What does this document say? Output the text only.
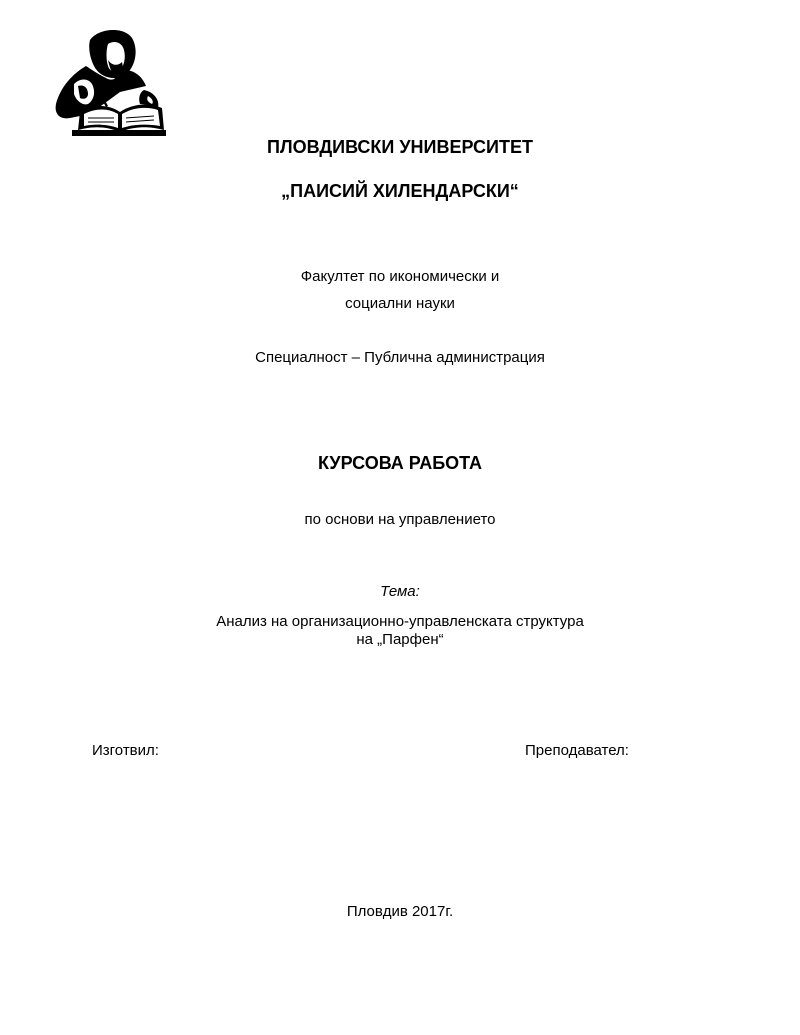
ПЛОВДИВСКИ УНИВЕРСИТЕТ
„ПАИСИЙ ХИЛЕНДАРСКИ“
Факултет по икономически и
социални науки
Специалност – Публична администрация
КУРСОВА РАБОТА
по основи на управлението
Тема:
Анализ на организационно-управленската структура
на „Парфен“
Изготвил:	Преподавател:
Пловдив 2017г.
